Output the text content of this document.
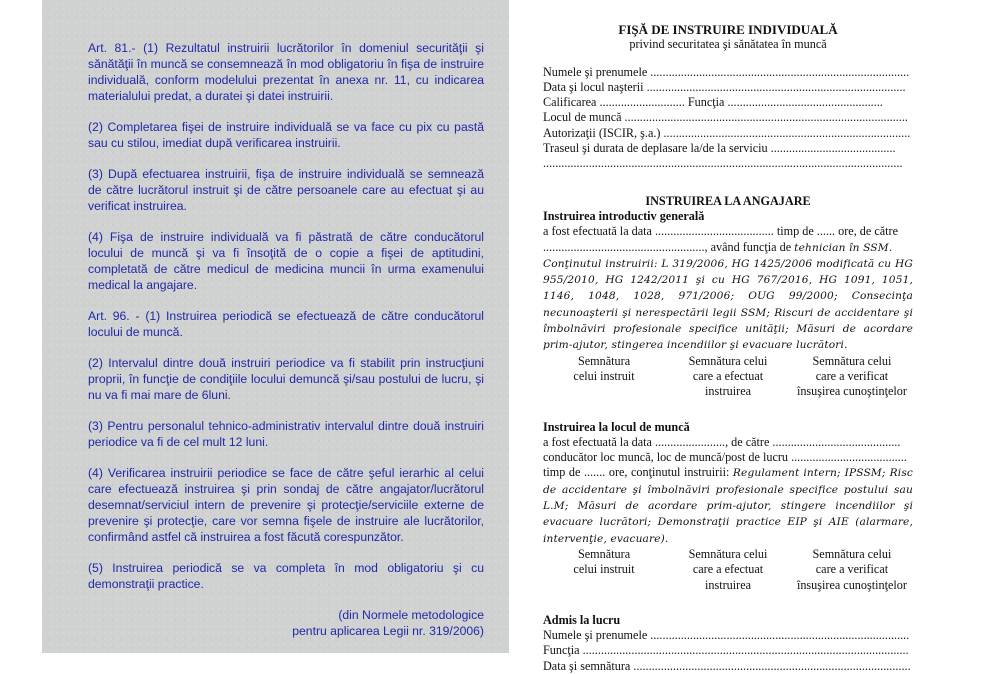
Art. 81.- (1) Rezultatul instruirii lucrătorilor în domeniul securităţii şi sănătăţii în muncă se consemnează în mod obligatoriu în fişa de instruire individuală, conform modelului prezentat în anexa nr. 11, cu indicarea materialului predat, a duratei şi datei instruirii.

(2) Completarea fişei de instruire individuală se va face cu pix cu pastă sau cu stilou, imediat după verificarea instruirii.

(3) După efectuarea instruirii, fişa de instruire individuală se semnează de către lucrătorul instruit şi de către persoanele care au efectuat şi au verificat instruirea.

(4) Fişa de instruire individuală va fi păstrată de către conducătorul locului de muncă şi va fi însoţită de o copie a fişei de aptitudini, completată de către medicul de medicina muncii în urma examenului medical la angajare.

Art. 96. - (1) Instruirea periodică se efectuează de către conducătorul locului de muncă.

(2) Intervalul dintre două instruiri periodice va fi stabilit prin instrucţiuni proprii, în funcţie de condiţiile locului demuncă şi/sau postului de lucru, şi nu va fi mai mare de 6luni.

(3) Pentru personalul tehnico-administrativ intervalul dintre două instruiri periodice va fi de cel mult 12 luni.

(4) Verificarea instruirii periodice se face de către şeful ierarhic al celui care efectuează instruirea şi prin sondaj de către angajator/lucrătorul desemnat/serviciul intern de prevenire şi protecţie/serviciile externe de prevenire şi protecţie, care vor semna fişele de instruire ale lucrătorilor, confirmând astfel că instruirea a fost făcută corespunzător.

(5) Instruirea periodică se va completa în mod obligatoriu şi cu demonstraţii practice.

(din Normele metodologice
pentru aplicarea Legii nr. 319/2006)

FIŞĂ DE INSTRUIRE INDIVIDUALĂ

privind securitatea şi sănătatea în muncă

Numele şi prenumele .....................................................................................

Data şi locul naşterii .....................................................................................

Calificarea ............................ Funcţia ...................................................

Locul de muncă .............................................................................................

Autorizaţii (ISCIR, ş.a.) .................................................................................

Traseul şi durata de deplasare la/de la serviciu .........................................

......................................................................................................................

INSTRUIREA LA ANGAJARE

Instruirea introductiv generală

a fost efectuată la data ....................................... timp de ...... ore, de către

....................................................., având funcţia de tehnician în SSM.

Conţinutul instruirii: L 319/2006, HG 1425/2006 modificată cu HG 955/2010, HG 1242/2011 şi cu HG 767/2016, HG 1091, 1051, 1146, 1048, 1028, 971/2006; OUG 99/2000; Consecinţa necunoaşterii şi nerespectării legii SSM; Riscuri de accidentare şi îmbolnăviri profesionale specifice unităţii; Măsuri de acordare prim-ajutor, stingerea incendiilor şi evacuare lucrători.

Semnătura
celui instruit
Semnătura celui
care a efectuat
instruirea
Semnătura celui
care a verificat
însuşirea cunoştinţelor

Instruirea la locul de muncă

a fost efectuată la data ......................., de către ..........................................

conducător loc muncă, loc de muncă/post de lucru ......................................

timp de ....... ore, conţinutul instruirii: Regulament intern; IPSSM; Risc de accidentare şi îmbolnăviri profesionale specifice postului sau L.M; Măsuri de acordare prim-ajutor, stingere incendiilor şi evacuare lucrători; Demonstraţii practice EIP şi AIE (alarmare, intervenţie, evacuare).

Semnătura
celui instruit
Semnătura celui
care a efectuat
instruirea
Semnătura celui
care a verificat
însuşirea cunoştinţelor

Admis la lucru

Numele şi prenumele .....................................................................................

Funcţia ...........................................................................................................

Data şi semnătura ...........................................................................................
